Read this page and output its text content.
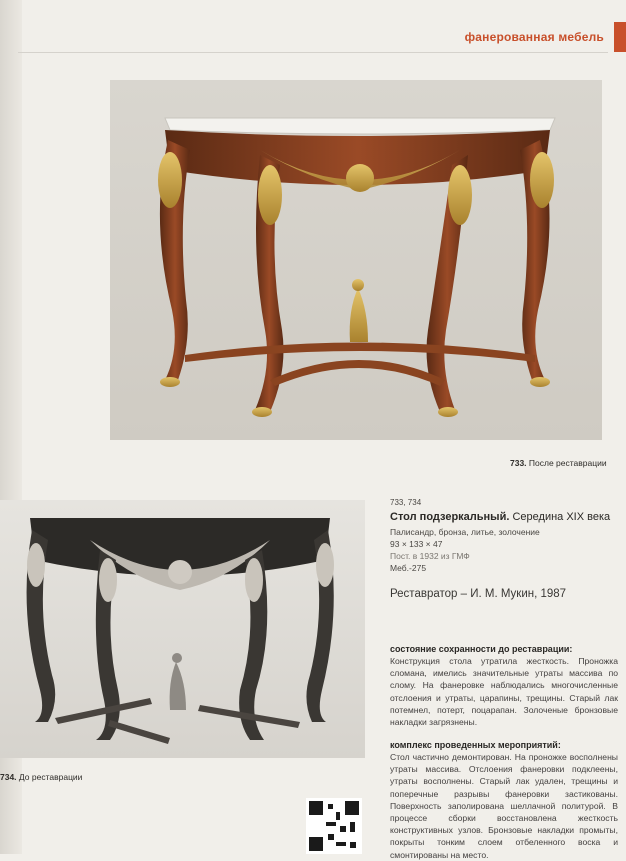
фанерованная мебель
733. После реставрации
734. До реставрации
733, 734
Стол подзеркальный. Середина XIX века
Палисандр, бронза, литье, золочение
93 × 133 × 47
Пост. в 1932 из ГМФ
Меб.-275
Реставратор – И. М. Мукин, 1987
состояние сохранности до реставрации:
Конструкция стола утратила жесткость. Проножка сломана, имелись значительные утраты массива по слому. На фанеровке наблюдались многочисленные отслоения и утраты, царапины, трещины. Старый лак потемнел, потерт, поцарапан. Золоченые бронзовые накладки загрязнены.
комплекс проведенных мероприятий:
Стол частично демонтирован. На проножке восполнены утраты массива. Отслоения фанеровки подклеены, утраты восполнены. Старый лак удален, трещины и поперечные разрывы фанеровки застикованы. Поверхность заполирована шеллачной политурой. В процессе сборки восстановлена жесткость конструктивных узлов. Бронзовые накладки промыты, покрыты тонким слоем отбеленного воска и смонтированы на место.
